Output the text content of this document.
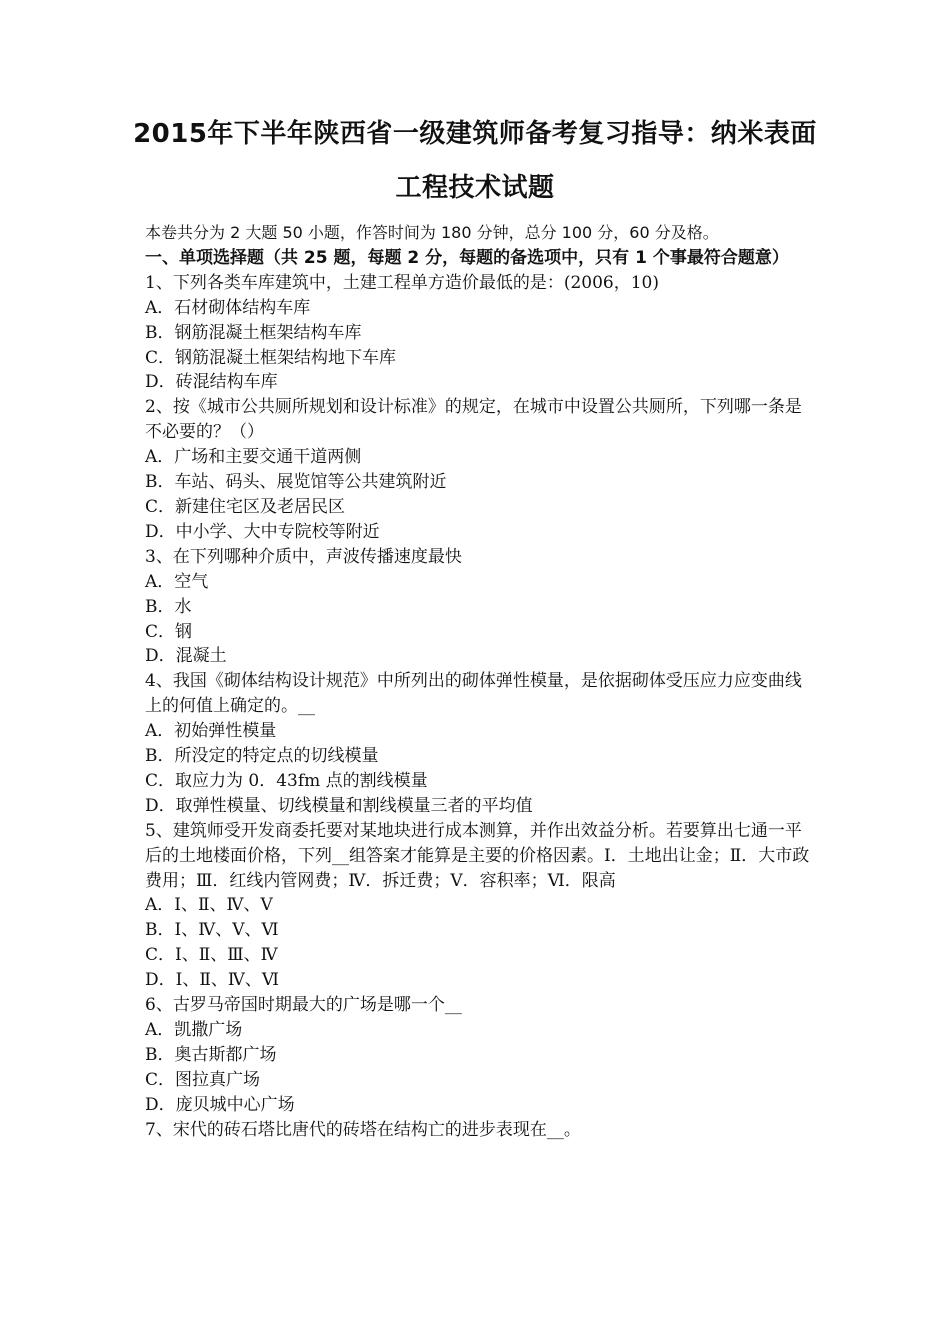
2015年下半年陕西省一级建筑师备考复习指导：纳米表面
工程技术试题
本卷共分为 2 大题 50 小题，作答时间为 180 分钟，总分 100 分，60 分及格。
一、单项选择题（共 25 题，每题 2 分，每题的备选项中，只有 1 个事最符合题意）
1、下列各类车库建筑中，土建工程单方造价最低的是：(2006，10)
A．石材砌体结构车库
B．钢筋混凝土框架结构车库
C．钢筋混凝土框架结构地下车库
D．砖混结构车库
2、按《城市公共厕所规划和设计标准》的规定，在城市中设置公共厕所，下列哪一条是不必要的？（）
A．广场和主要交通干道两侧
B．车站、码头、展览馆等公共建筑附近
C．新建住宅区及老居民区
D．中小学、大中专院校等附近
3、在下列哪种介质中，声波传播速度最快
A．空气
B．水
C．钢
D．混凝土
4、我国《砌体结构设计规范》中所列出的砌体弹性模量，是依据砌体受压应力应变曲线上的何值上确定的。__
A．初始弹性模量
B．所没定的特定点的切线模量
C．取应力为 0．43fm 点的割线模量
D．取弹性模量、切线模量和割线模量三者的平均值
5、建筑师受开发商委托要对某地块进行成本测算，并作出效益分析。若要算出七通一平后的土地楼面价格，下列__组答案才能算是主要的价格因素。Ⅰ．土地出让金；Ⅱ．大市政费用；Ⅲ．红线内管网费；Ⅳ．拆迁费；Ⅴ．容积率；Ⅵ．限高
A．Ⅰ、Ⅱ、Ⅳ、Ⅴ
B．Ⅰ、Ⅳ、Ⅴ、Ⅵ
C．Ⅰ、Ⅱ、Ⅲ、Ⅳ
D．Ⅰ、Ⅱ、Ⅳ、Ⅵ
6、古罗马帝国时期最大的广场是哪一个__
A．凯撒广场
B．奥古斯都广场
C．图拉真广场
D．庞贝城中心广场
7、宋代的砖石塔比唐代的砖塔在结构亡的进步表现在__。
